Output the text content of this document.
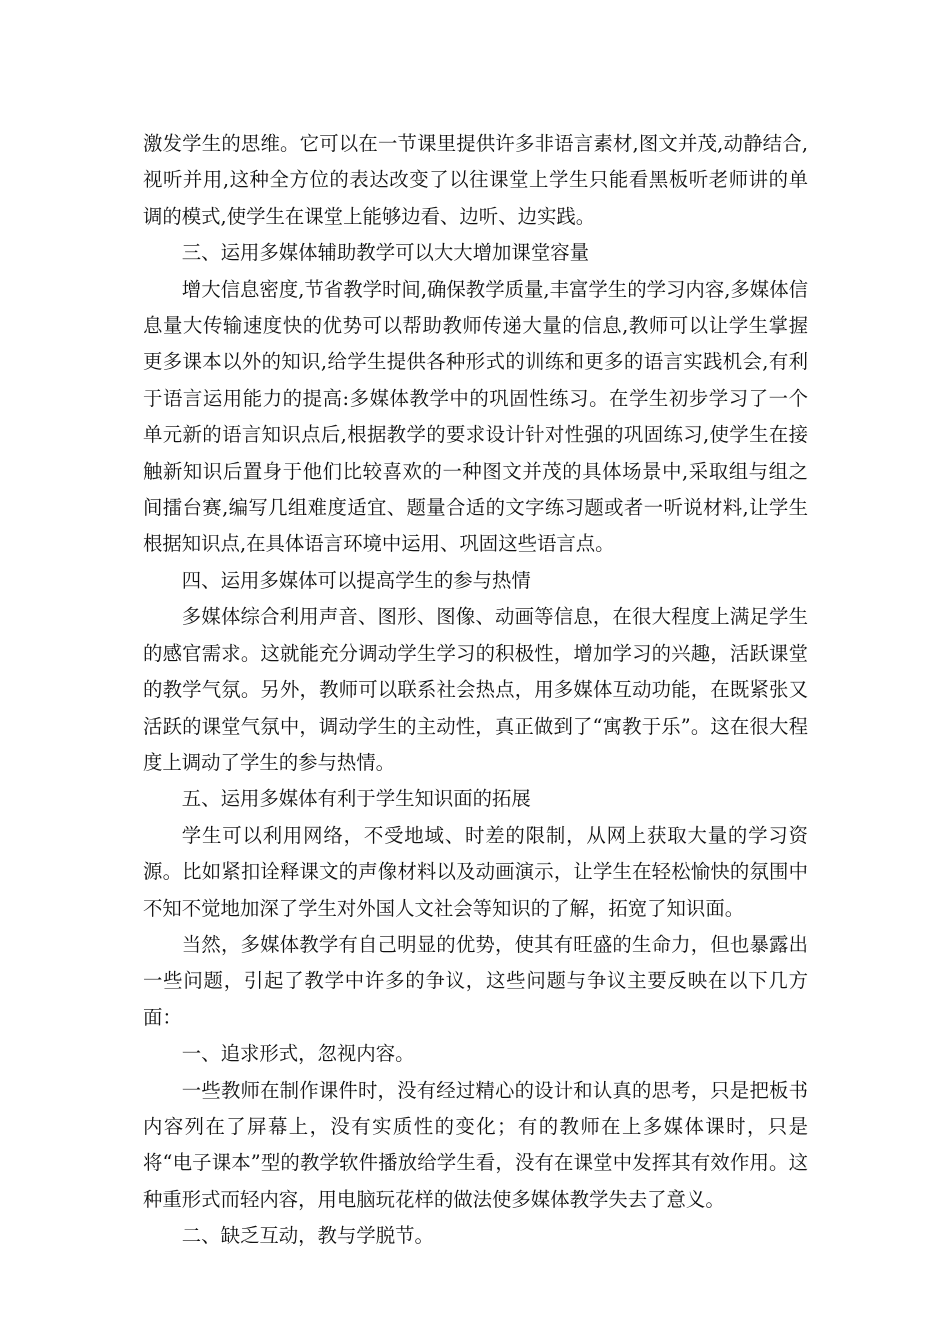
激发学生的思维。它可以在一节课里提供许多非语言素材,图文并茂,动静结合,视听并用,这种全方位的表达改变了以往课堂上学生只能看黑板听老师讲的单调的模式,使学生在课堂上能够边看、边听、边实践。

三、运用多媒体辅助教学可以大大增加课堂容量

增大信息密度,节省教学时间,确保教学质量,丰富学生的学习内容,多媒体信息量大传输速度快的优势可以帮助教师传递大量的信息,教师可以让学生掌握更多课本以外的知识,给学生提供各种形式的训练和更多的语言实践机会,有利于语言运用能力的提高:多媒体教学中的巩固性练习。在学生初步学习了一个单元新的语言知识点后,根据教学的要求设计针对性强的巩固练习,使学生在接触新知识后置身于他们比较喜欢的一种图文并茂的具体场景中,采取组与组之间擂台赛,编写几组难度适宜、题量合适的文字练习题或者一听说材料,让学生根据知识点,在具体语言环境中运用、巩固这些语言点。

四、运用多媒体可以提高学生的参与热情

多媒体综合利用声音、图形、图像、动画等信息，在很大程度上满足学生的感官需求。这就能充分调动学生学习的积极性，增加学习的兴趣，活跃课堂的教学气氛。另外，教师可以联系社会热点，用多媒体互动功能，在既紧张又活跃的课堂气氛中，调动学生的主动性，真正做到了“寓教于乐”。这在很大程度上调动了学生的参与热情。

五、运用多媒体有利于学生知识面的拓展

学生可以利用网络，不受地域、时差的限制，从网上获取大量的学习资源。比如紧扣诠释课文的声像材料以及动画演示，让学生在轻松愉快的氛围中不知不觉地加深了学生对外国人文社会等知识的了解，拓宽了知识面。

当然，多媒体教学有自己明显的优势，使其有旺盛的生命力，但也暴露出一些问题，引起了教学中许多的争议，这些问题与争议主要反映在以下几方面：

一、追求形式，忽视内容。

一些教师在制作课件时，没有经过精心的设计和认真的思考，只是把板书内容列在了屏幕上，没有实质性的变化；有的教师在上多媒体课时，只是将“电子课本”型的教学软件播放给学生看，没有在课堂中发挥其有效作用。这种重形式而轻内容，用电脑玩花样的做法使多媒体教学失去了意义。

二、缺乏互动，教与学脱节。
